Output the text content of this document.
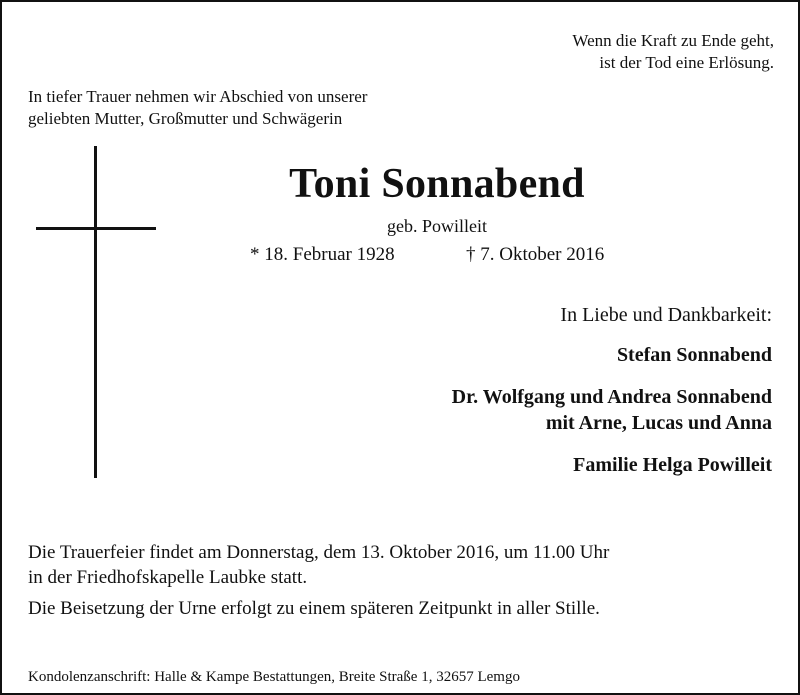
Wenn die Kraft zu Ende geht,
ist der Tod eine Erlösung.
In tiefer Trauer nehmen wir Abschied von unserer
geliebten Mutter, Großmutter und Schwägerin
Toni Sonnabend
geb. Powilleit
* 18. Februar 1928	† 7. Oktober 2016
In Liebe und Dankbarkeit:
Stefan Sonnabend
Dr. Wolfgang und Andrea Sonnabend
mit Arne, Lucas und Anna
Familie Helga Powilleit
Die Trauerfeier findet am Donnerstag, dem 13. Oktober 2016, um 11.00 Uhr
in der Friedhofskapelle Laubke statt.
Die Beisetzung der Urne erfolgt zu einem späteren Zeitpunkt in aller Stille.
Kondolenzanschrift: Halle & Kampe Bestattungen, Breite Straße 1, 32657 Lemgo
